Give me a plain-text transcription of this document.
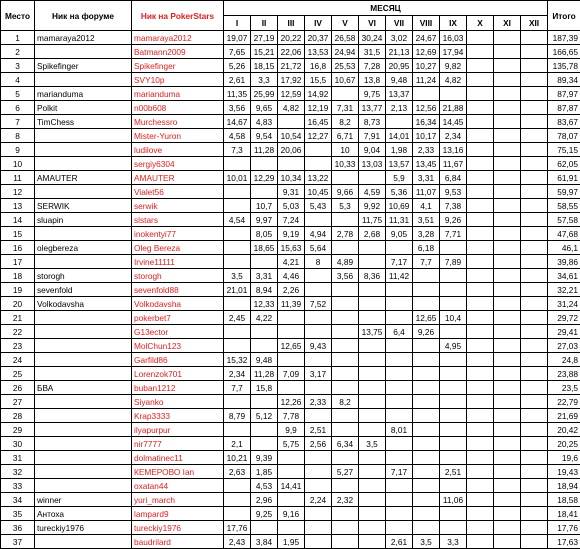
Место	Ник на форуме	Ник на PokerStars	МЕСЯЦ												Итого
			I	II	III	IV	V	VI	VII	VIII	IX	X	XI	XII	
1	mamaraya2012	mamaraya2012	19,07	27,19	20,22	20,37	26,58	30,24	3,02	24,67	16,03				187,39
2		Batmann2009	7,65	15,21	22,06	13,53	24,94	31,5	21,13	12,69	17,94				166,65
3	Spikefinger	Spikefinger	5,26	18,15	21,72	16,8	25,53	7,28	20,95	10,27	9,82				135,78
4		SVY10p	2,61	3,3	17,92	15,5	10,67	13,8	9,48	11,24	4,82				89,34
5	marianduma	marianduma	11,35	25,99	12,59	14,92		9,75	13,37						87,97
6	Polkit	n00b608	3,56	9,65	4,82	12,19	7,31	13,77	2,13	12,56	21,88				87,87
7	TimChess	Murchessro	14,67	4,83		16,45	8,2	8,73		16,34	14,45				83,67
8		Mister-Yuron	4,58	9,54	10,54	12,27	6,71	7,91	14,01	10,17	2,34				78,07
9		ludilove	7,3	11,28	20,06		10	9,04	1,98	2,33	13,16				75,15
10		sergiy6304					10,33	13,03	13,57	13,45	11,67				62,05
11	AMAUTER	AMAUTER	10,01	12,29	10,34	13,22			5,9	3,31	6,84				61,91
12		Vialet56			9,31	10,45	9,66	4,59	5,36	11,07	9,53				59,97
13	SERWIK	serwik		10,7	5,03	5,43	5,3	9,92	10,69	4,1	7,38				58,55
14	sluapin	slstars	4,54	9,97	7,24			11,75	11,31	3,51	9,26				57,58
15		inokentyi77		8,05	9,19	4,94	2,78	2,68	9,05	3,28	7,71				47,68
16	olegbereza	Oleg Bereza		18,65	15,63	5,64				6,18					46,1
17		Irvine11111			4,21	8	4,89		7,17	7,7	7,89				39,86
18	storogh	storogh	3,5	3,31	4,46		3,56	8,36	11,42						34,61
19	sevenfold	sevenfold88	21,01	8,94	2,26										32,21
20	Volkodavsha	Volkodavsha		12,33	11,39	7,52									31,24
21		pokerbet7	2,45	4,22						12,65	10,4				29,72
22		G13ector						13,75	6,4	9,26					29,41
23		MolChun123			12,65	9,43					4,95				27,03
24		Garfild86	15,32	9,48											24,8
25		Lorenzok701	2,34	11,28	7,09	3,17									23,88
26	БВА	buban1212	7,7	15,8											23,5
27		Siyanko			12,26	2,33	8,2								22,79
28		Krap3333	8,79	5,12	7,78										21,69
29		ilyapurpur			9,9	2,51			8,01						20,42
30		nir7777	2,1		5,75	2,56	6,34	3,5							20,25
31		dolmatinec11	10,21	9,39											19,6
32		КЕМЕРОВО Ian	2,63	1,85			5,27		7,17		2,51				19,43
33		oxatan44		4,53	14,41										18,94
34	winner	yuri_march		2,96		2,24	2,32				11,06				18,58
35	Антоха	lampard9		9,25	9,16										18,41
36	tureckiy1976	tureckiy1976	17,76												17,76
37		baudrilard	2,43	3,84	1,95				2,61	3,5	3,3				17,63
